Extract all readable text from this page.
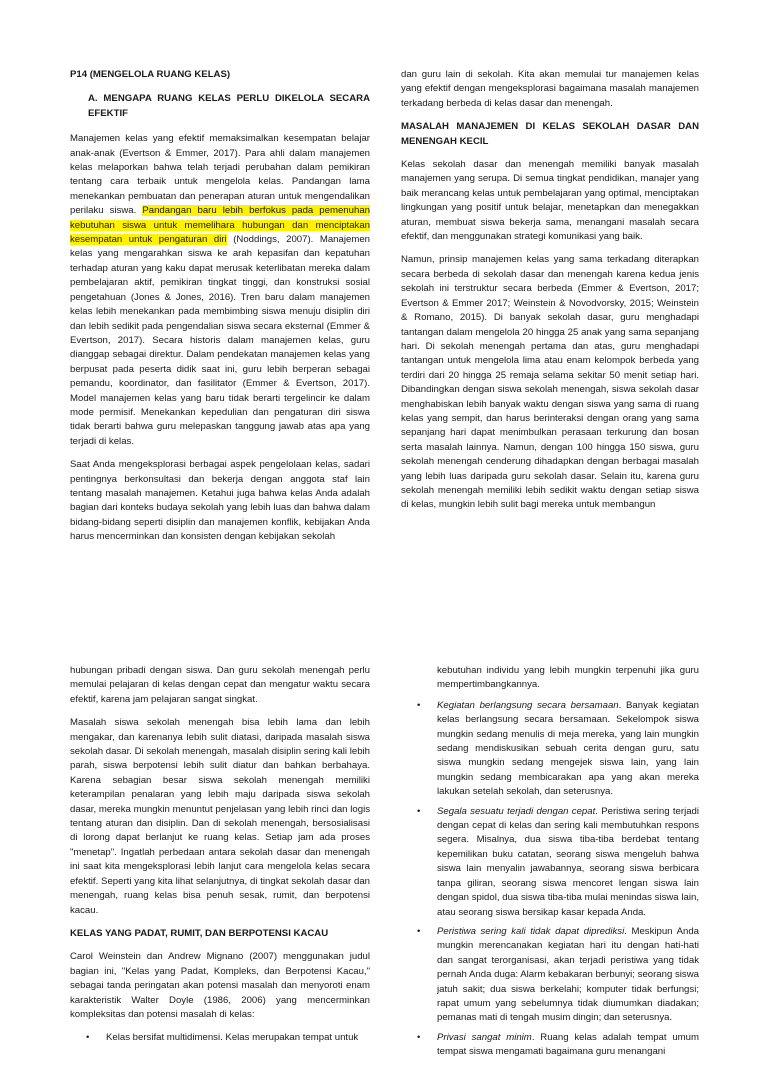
P14 (MENGELOLA RUANG KELAS)
A. MENGAPA RUANG KELAS PERLU DIKELOLA SECARA EFEKTIF

Manajemen kelas yang efektif memaksimalkan kesempatan belajar anak-anak (Evertson & Emmer, 2017). Para ahli dalam manajemen kelas melaporkan bahwa telah terjadi perubahan dalam pemikiran tentang cara terbaik untuk mengelola kelas. Pandangan lama menekankan pembuatan dan penerapan aturan untuk mengendalikan perilaku siswa. Pandangan baru lebih berfokus pada pemenuhan kebutuhan siswa untuk memelihara hubungan dan menciptakan kesempatan untuk pengaturan diri (Noddings, 2007). Manajemen kelas yang mengarahkan siswa ke arah kepasifan dan kepatuhan terhadap aturan yang kaku dapat merusak keterlibatan mereka dalam pembelajaran aktif, pemikiran tingkat tinggi, dan konstruksi sosial pengetahuan (Jones & Jones, 2016). Tren baru dalam manajemen kelas lebih menekankan pada membimbing siswa menuju disiplin diri dan lebih sedikit pada pengendalian siswa secara eksternal (Emmer & Evertson, 2017). Secara historis dalam manajemen kelas, guru dianggap sebagai direktur. Dalam pendekatan manajemen kelas yang berpusat pada peserta didik saat ini, guru lebih berperan sebagai pemandu, koordinator, dan fasilitator (Emmer & Evertson, 2017). Model manajemen kelas yang baru tidak berarti tergelincir ke dalam mode permisif. Menekankan kepedulian dan pengaturan diri siswa tidak berarti bahwa guru melepaskan tanggung jawab atas apa yang terjadi di kelas.

Saat Anda mengeksplorasi berbagai aspek pengelolaan kelas, sadari pentingnya berkonsultasi dan bekerja dengan anggota staf lain tentang masalah manajemen. Ketahui juga bahwa kelas Anda adalah bagian dari konteks budaya sekolah yang lebih luas dan bahwa dalam bidang-bidang seperti disiplin dan manajemen konflik, kebijakan Anda harus mencerminkan dan konsisten dengan kebijakan sekolah

dan guru lain di sekolah. Kita akan memulai tur manajemen kelas yang efektif dengan mengeksplorasi bagaimana masalah manajemen terkadang berbeda di kelas dasar dan menengah.

MASALAH MANAJEMEN DI KELAS SEKOLAH DASAR DAN MENENGAH KECIL

Kelas sekolah dasar dan menengah memiliki banyak masalah manajemen yang serupa. Di semua tingkat pendidikan, manajer yang baik merancang kelas untuk pembelajaran yang optimal, menciptakan lingkungan yang positif untuk belajar, menetapkan dan menegakkan aturan, membuat siswa bekerja sama, menangani masalah secara efektif, dan menggunakan strategi komunikasi yang baik.

Namun, prinsip manajemen kelas yang sama terkadang diterapkan secara berbeda di sekolah dasar dan menengah karena kedua jenis sekolah ini terstruktur secara berbeda (Emmer & Evertson, 2017; Evertson & Emmer 2017; Weinstein & Novodvorsky, 2015; Weinstein & Romano, 2015). Di banyak sekolah dasar, guru menghadapi tantangan dalam mengelola 20 hingga 25 anak yang sama sepanjang hari. Di sekolah menengah pertama dan atas, guru menghadapi tantangan untuk mengelola lima atau enam kelompok berbeda yang terdiri dari 20 hingga 25 remaja selama sekitar 50 menit setiap hari. Dibandingkan dengan siswa sekolah menengah, siswa sekolah dasar menghabiskan lebih banyak waktu dengan siswa yang sama di ruang kelas yang sempit, dan harus berinteraksi dengan orang yang sama sepanjang hari dapat menimbulkan perasaan terkurung dan bosan serta masalah lainnya. Namun, dengan 100 hingga 150 siswa, guru sekolah menengah cenderung dihadapkan dengan berbagai masalah yang lebih luas daripada guru sekolah dasar. Selain itu, karena guru sekolah menengah memiliki lebih sedikit waktu dengan setiap siswa di kelas, mungkin lebih sulit bagi mereka untuk membangun

hubungan pribadi dengan siswa. Dan guru sekolah menengah perlu memulai pelajaran di kelas dengan cepat dan mengatur waktu secara efektif, karena jam pelajaran sangat singkat.

Masalah siswa sekolah menengah bisa lebih lama dan lebih mengakar, dan karenanya lebih sulit diatasi, daripada masalah siswa sekolah dasar. Di sekolah menengah, masalah disiplin sering kali lebih parah, siswa berpotensi lebih sulit diatur dan bahkan berbahaya. Karena sebagian besar siswa sekolah menengah memiliki keterampilan penalaran yang lebih maju daripada siswa sekolah dasar, mereka mungkin menuntut penjelasan yang lebih rinci dan logis tentang aturan dan disiplin. Dan di sekolah menengah, bersosialisasi di lorong dapat berlanjut ke ruang kelas. Setiap jam ada proses "menetap". Ingatlah perbedaan antara sekolah dasar dan menengah ini saat kita mengeksplorasi lebih lanjut cara mengelola kelas secara efektif. Seperti yang kita lihat selanjutnya, di tingkat sekolah dasar dan menengah, ruang kelas bisa penuh sesak, rumit, dan berpotensi kacau.

KELAS YANG PADAT, RUMIT, DAN BERPOTENSI KACAU

Carol Weinstein dan Andrew Mignano (2007) menggunakan judul bagian ini, "Kelas yang Padat, Kompleks, dan Berpotensi Kacau," sebagai tanda peringatan akan potensi masalah dan menyoroti enam karakteristik Walter Doyle (1986, 2006) yang mencerminkan kompleksitas dan potensi masalah di kelas:

• Kelas bersifat multidimensi. Kelas merupakan tempat untuk

kebutuhan individu yang lebih mungkin terpenuhi jika guru mempertimbangkannya.

• Kegiatan berlangsung secara bersamaan. Banyak kegiatan kelas berlangsung secara bersamaan. Sekelompok siswa mungkin sedang menulis di meja mereka, yang lain mungkin sedang mendiskusikan sebuah cerita dengan guru, satu siswa mungkin sedang mengejek siswa lain, yang lain mungkin sedang membicarakan apa yang akan mereka lakukan setelah sekolah, dan seterusnya.
• Segala sesuatu terjadi dengan cepat. Peristiwa sering terjadi dengan cepat di kelas dan sering kali membutuhkan respons segera. Misalnya, dua siswa tiba-tiba berdebat tentang kepemilikan buku catatan, seorang siswa mengeluh bahwa siswa lain menyalin jawabannya, seorang siswa berbicara tanpa giliran, seorang siswa mencoret lengan siswa lain dengan spidol, dua siswa tiba-tiba mulai menindas siswa lain, atau seorang siswa bersikap kasar kepada Anda.
• Peristiwa sering kali tidak dapat diprediksi. Meskipun Anda mungkin merencanakan kegiatan hari itu dengan hati-hati dan sangat terorganisasi, akan terjadi peristiwa yang tidak pernah Anda duga: Alarm kebakaran berbunyi; seorang siswa jatuh sakit; dua siswa berkelahi; komputer tidak berfungsi; rapat umum yang sebelumnya tidak diumumkan diadakan; pemanas mati di tengah musim dingin; dan seterusnya.
• Privasi sangat minim. Ruang kelas adalah tempat umum tempat siswa mengamati bagaimana guru menangani
